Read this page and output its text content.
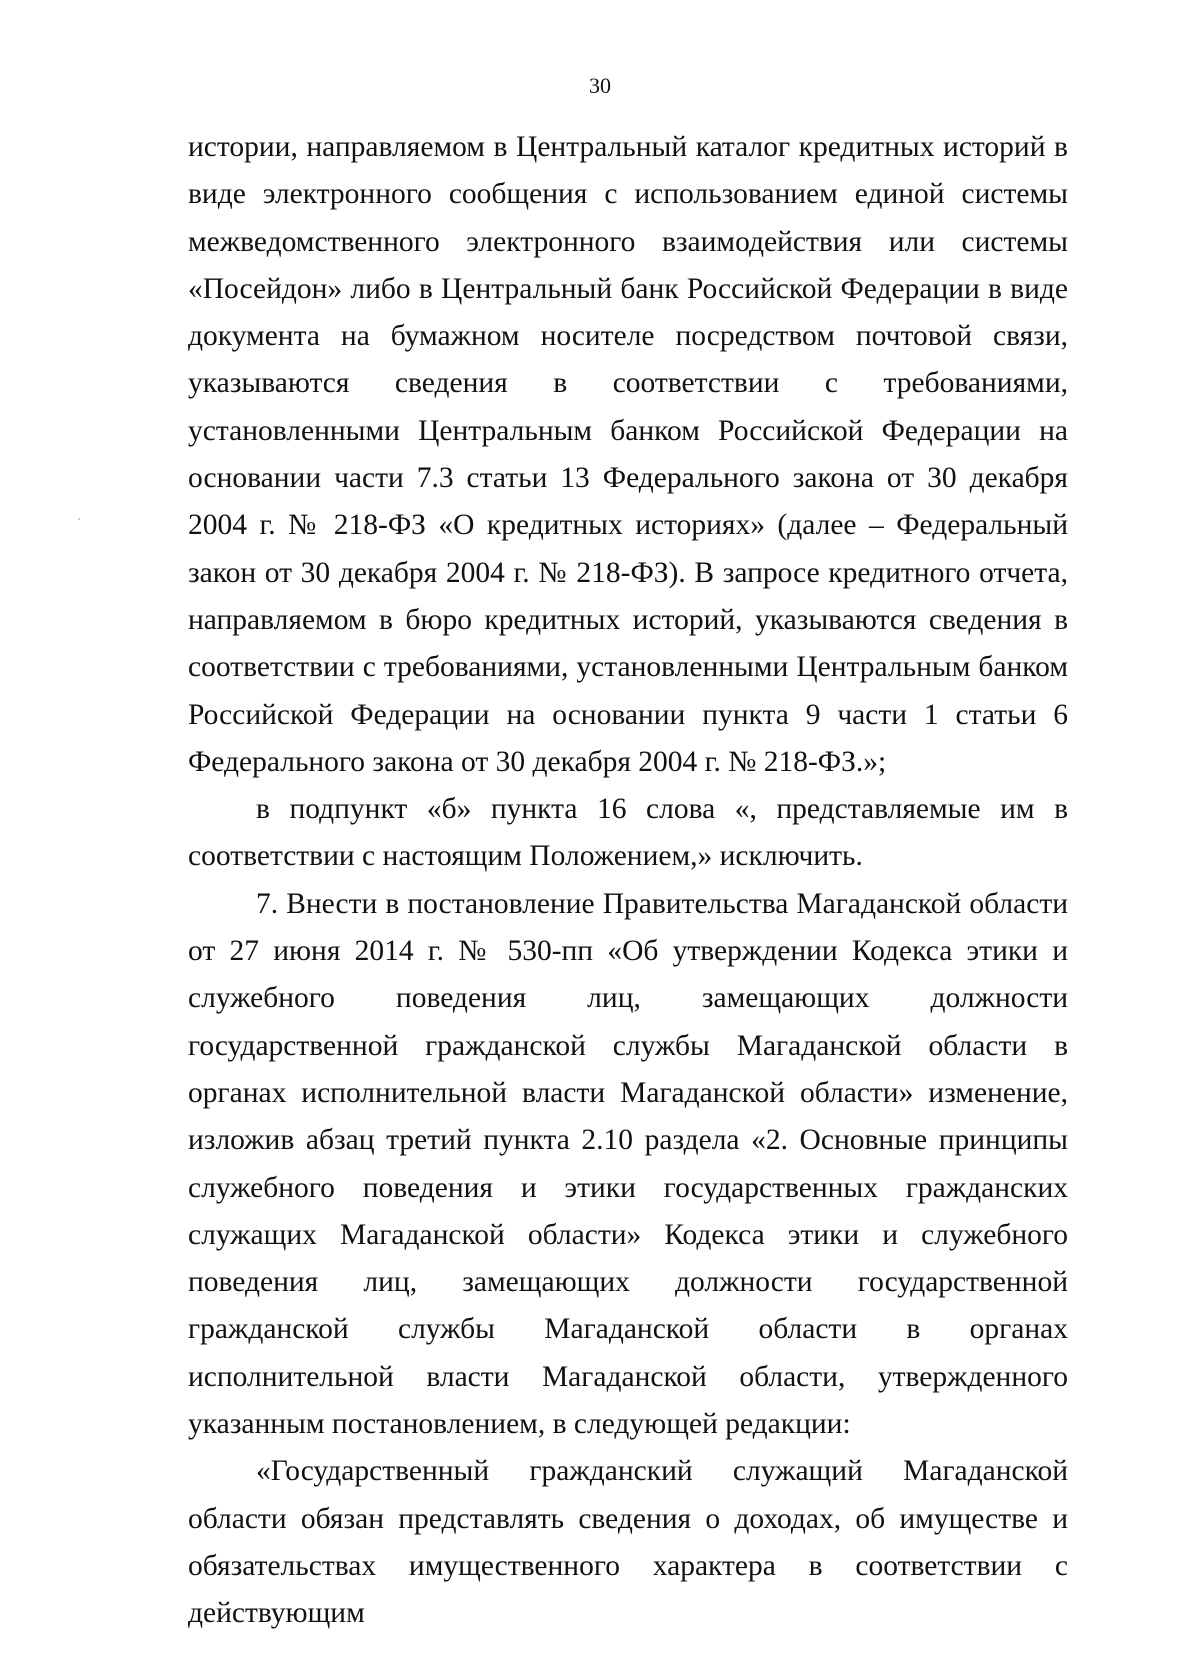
30

истории, направляемом в Центральный каталог кредитных историй в виде электронного сообщения с использованием единой системы межведомственного электронного взаимодействия или системы «Посейдон» либо в Центральный банк Российской Федерации в виде документа на бумажном носителе посредством почтовой связи, указываются сведения в соответствии с требованиями, установленными Центральным банком Российской Федерации на основании части 7.3 статьи 13 Федерального закона от 30 декабря 2004 г. № 218-ФЗ «О кредитных историях» (далее – Федеральный закон от 30 декабря 2004 г. № 218-ФЗ). В запросе кредитного отчета, направляемом в бюро кредитных историй, указываются сведения в соответствии с требованиями, установленными Центральным банком Российской Федерации на основании пункта 9 части 1 статьи 6 Федерального закона от 30 декабря 2004 г. № 218-ФЗ.»;

в подпункт «б» пункта 16 слова «, представляемые им в соответствии с настоящим Положением,» исключить.

7. Внести в постановление Правительства Магаданской области от 27 июня 2014 г. № 530-пп «Об утверждении Кодекса этики и служебного поведения лиц, замещающих должности государственной гражданской службы Магаданской области в органах исполнительной власти Магаданской области» изменение, изложив абзац третий пункта 2.10 раздела «2. Основные принципы служебного поведения и этики государственных гражданских служащих Магаданской области» Кодекса этики и служебного поведения лиц, замещающих должности государственной гражданской службы Магаданской области в органах исполнительной власти Магаданской области, утвержденного указанным постановлением, в следующей редакции:

«Государственный гражданский служащий Магаданской области обязан представлять сведения о доходах, об имуществе и обязательствах имущественного характера в соответствии с действующим
